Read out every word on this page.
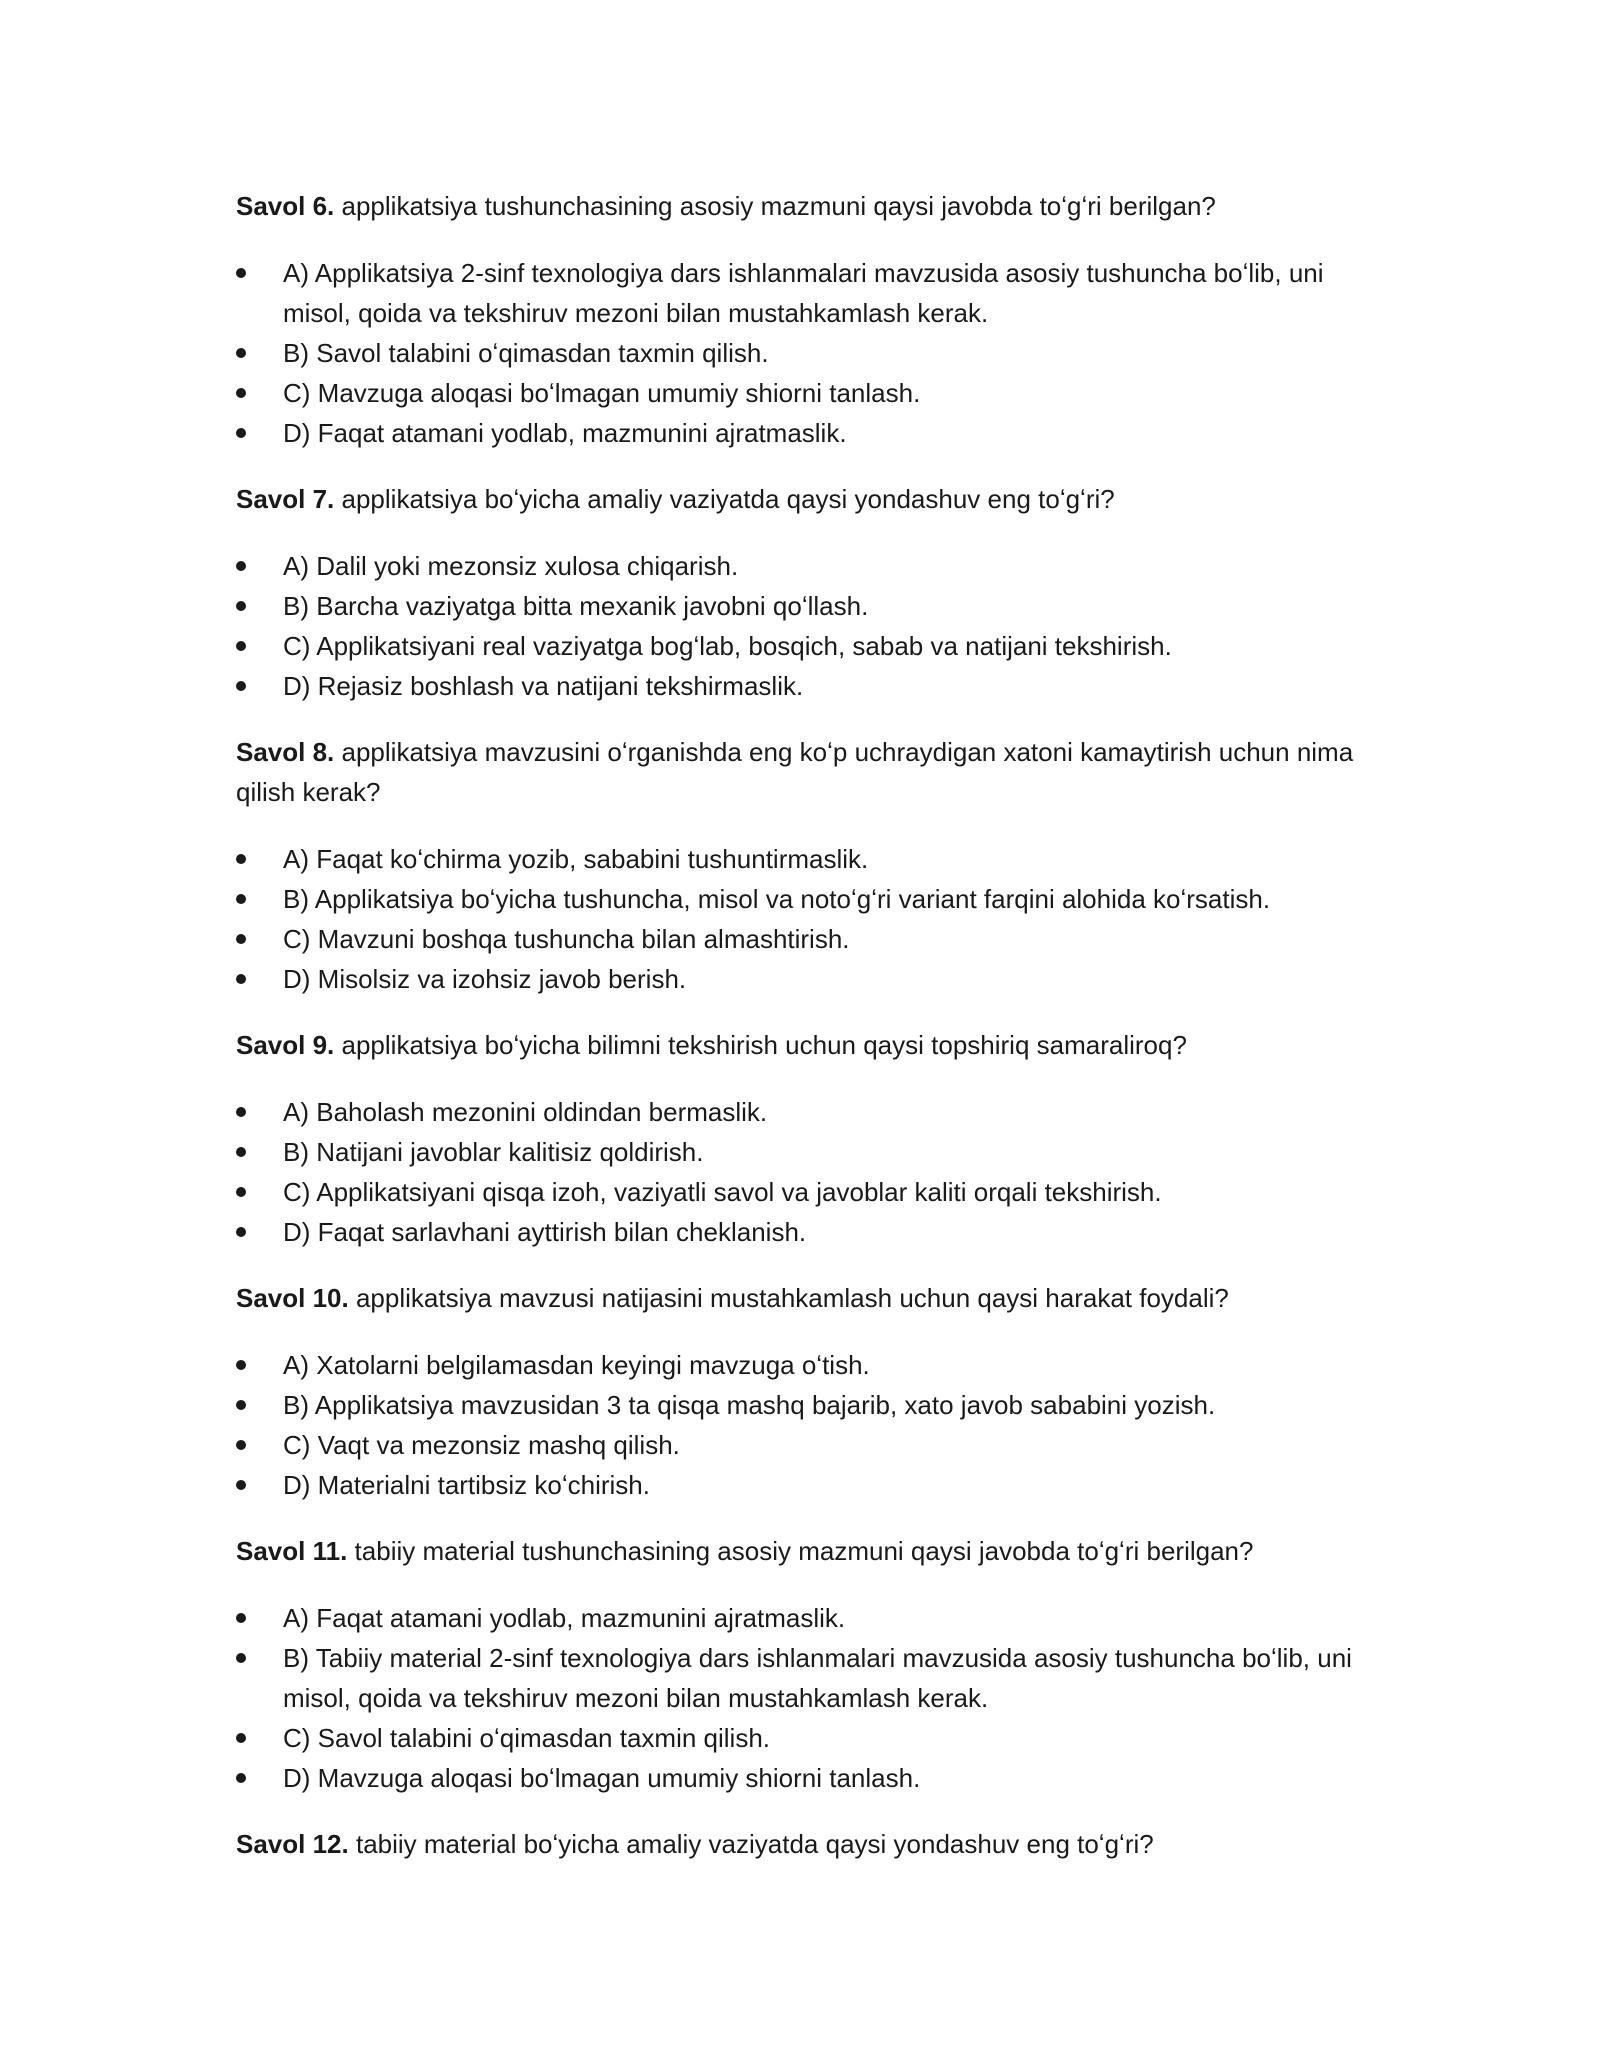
Savol 6. applikatsiya tushunchasining asosiy mazmuni qaysi javobda toʻgʻri berilgan?

A) Applikatsiya 2-sinf texnologiya dars ishlanmalari mavzusida asosiy tushuncha boʻlib, uni misol, qoida va tekshiruv mezoni bilan mustahkamlash kerak.
B) Savol talabini oʻqimasdan taxmin qilish.
C) Mavzuga aloqasi boʻlmagan umumiy shiorni tanlash.
D) Faqat atamani yodlab, mazmunini ajratmaslik.

Savol 7. applikatsiya boʻyicha amaliy vaziyatda qaysi yondashuv eng toʻgʻri?

A) Dalil yoki mezonsiz xulosa chiqarish.
B) Barcha vaziyatga bitta mexanik javobni qoʻllash.
C) Applikatsiyani real vaziyatga bogʻlab, bosqich, sabab va natijani tekshirish.
D) Rejasiz boshlash va natijani tekshirmaslik.

Savol 8. applikatsiya mavzusini oʻrganishda eng koʻp uchraydigan xatoni kamaytirish uchun nima qilish kerak?

A) Faqat koʻchirma yozib, sababini tushuntirmaslik.
B) Applikatsiya boʻyicha tushuncha, misol va notoʻgʻri variant farqini alohida koʻrsatish.
C) Mavzuni boshqa tushuncha bilan almashtirish.
D) Misolsiz va izohsiz javob berish.

Savol 9. applikatsiya boʻyicha bilimni tekshirish uchun qaysi topshiriq samaraliroq?

A) Baholash mezonini oldindan bermaslik.
B) Natijani javoblar kalitisiz qoldirish.
C) Applikatsiyani qisqa izoh, vaziyatli savol va javoblar kaliti orqali tekshirish.
D) Faqat sarlavhani ayttirish bilan cheklanish.

Savol 10. applikatsiya mavzusi natijasini mustahkamlash uchun qaysi harakat foydali?

A) Xatolarni belgilamasdan keyingi mavzuga oʻtish.
B) Applikatsiya mavzusidan 3 ta qisqa mashq bajarib, xato javob sababini yozish.
C) Vaqt va mezonsiz mashq qilish.
D) Materialni tartibsiz koʻchirish.

Savol 11. tabiiy material tushunchasining asosiy mazmuni qaysi javobda toʻgʻri berilgan?

A) Faqat atamani yodlab, mazmunini ajratmaslik.
B) Tabiiy material 2-sinf texnologiya dars ishlanmalari mavzusida asosiy tushuncha boʻlib, uni misol, qoida va tekshiruv mezoni bilan mustahkamlash kerak.
C) Savol talabini oʻqimasdan taxmin qilish.
D) Mavzuga aloqasi boʻlmagan umumiy shiorni tanlash.

Savol 12. tabiiy material boʻyicha amaliy vaziyatda qaysi yondashuv eng toʻgʻri?
